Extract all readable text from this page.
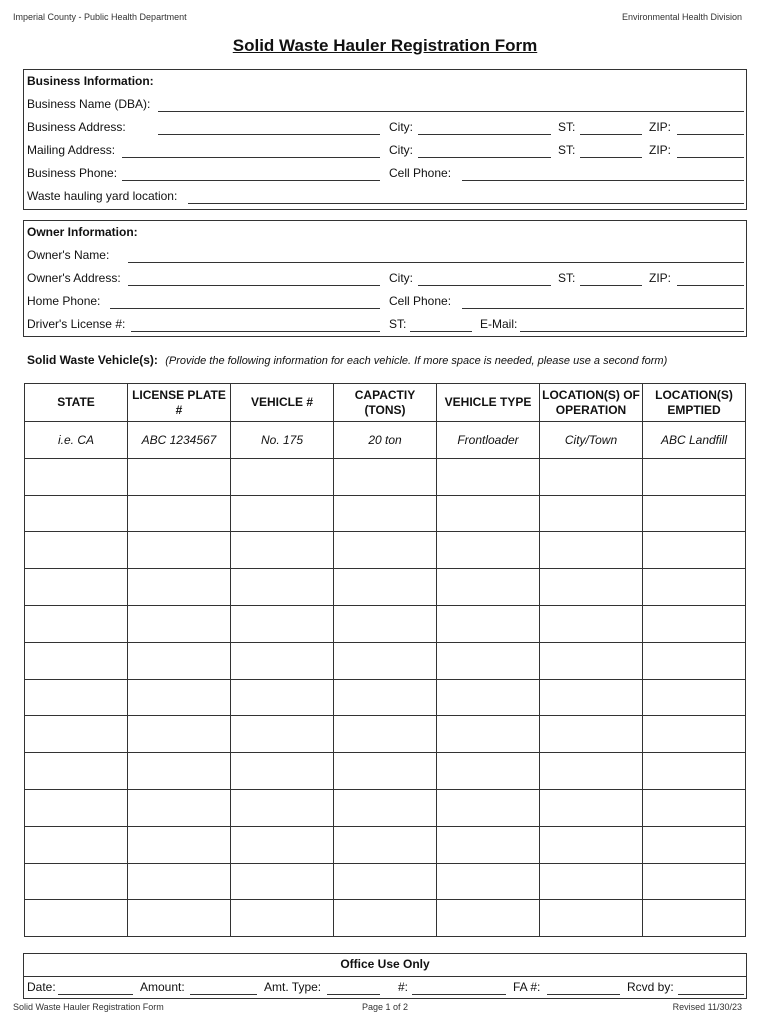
Imperial County - Public Health Department	Environmental Health Division
Solid Waste Hauler Registration Form
Business Information:
Business Name (DBA):
Business Address:	City:	ST:	ZIP:
Mailing Address:	City:	ST:	ZIP:
Business Phone:	Cell Phone:
Waste hauling yard location:
Owner Information:
Owner's Name:
Owner's Address:	City:	ST:	ZIP:
Home Phone:	Cell Phone:
Driver's License #:	ST:	E-Mail:
Solid Waste Vehicle(s): (Provide the following information for each vehicle. If more space is needed, please use a second form)
STATE	LICENSE PLATE #	VEHICLE #	CAPACTIY (TONS)	VEHICLE TYPE	LOCATION(S) OF OPERATION	LOCATION(S) EMPTIED
i.e. CA	ABC 1234567	No. 175	20 ton	Frontloader	City/Town	ABC Landfill

Office Use Only
Date:	Amount:	Amt. Type:	#:	FA #:	Rcvd by:
Solid Waste Hauler Registration Form	Page 1 of 2	Revised 11/30/23
